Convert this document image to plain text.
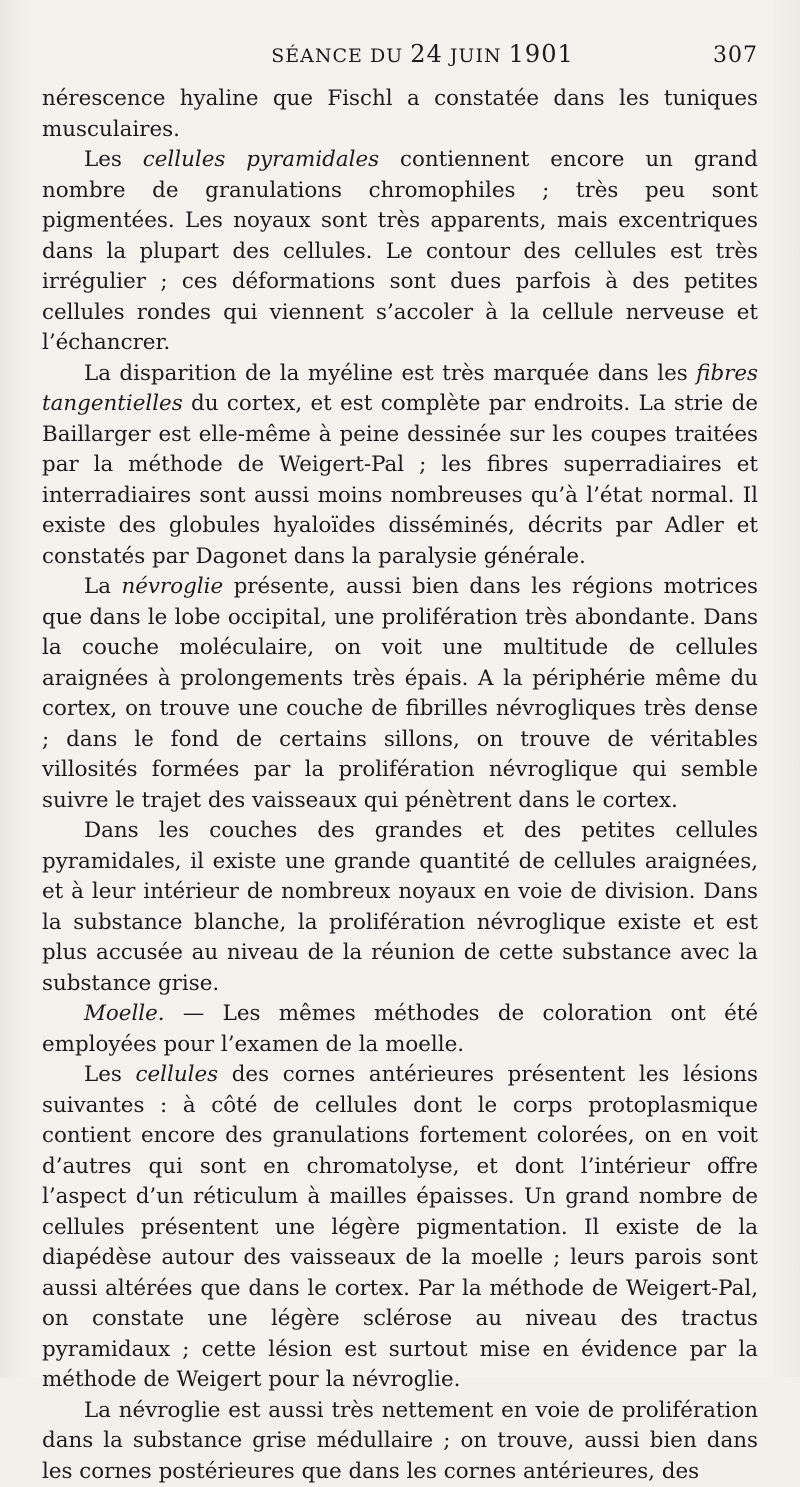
SÉANCE DU 24 JUIN 1901	307

nérescence hyaline que Fischl a constatée dans les tuniques musculaires.

Les cellules pyramidales contiennent encore un grand nombre de granulations chromophiles ; très peu sont pigmentées. Les noyaux sont très apparents, mais excentriques dans la plupart des cellules. Le contour des cellules est très irrégulier ; ces déformations sont dues parfois à des petites cellules rondes qui viennent s’accoler à la cellule nerveuse et l’échancrer.

La disparition de la myéline est très marquée dans les fibres tangentielles du cortex, et est complète par endroits. La strie de Baillarger est elle-même à peine dessinée sur les coupes traitées par la méthode de Weigert-Pal ; les fibres superradiaires et interradiaires sont aussi moins nombreuses qu’à l’état normal. Il existe des globules hyaloïdes disséminés, décrits par Adler et constatés par Dagonet dans la paralysie générale.

La névroglie présente, aussi bien dans les régions motrices que dans le lobe occipital, une prolifération très abondante. Dans la couche moléculaire, on voit une multitude de cellules araignées à prolongements très épais. A la périphérie même du cortex, on trouve une couche de fibrilles névrogliques très dense ; dans le fond de certains sillons, on trouve de véritables villosités formées par la prolifération névroglique qui semble suivre le trajet des vaisseaux qui pénètrent dans le cortex.

Dans les couches des grandes et des petites cellules pyramidales, il existe une grande quantité de cellules araignées, et à leur intérieur de nombreux noyaux en voie de division. Dans la substance blanche, la prolifération névroglique existe et est plus accusée au niveau de la réunion de cette substance avec la substance grise.

Moelle. — Les mêmes méthodes de coloration ont été employées pour l’examen de la moelle.

Les cellules des cornes antérieures présentent les lésions suivantes : à côté de cellules dont le corps protoplasmique contient encore des granulations fortement colorées, on en voit d’autres qui sont en chromatolyse, et dont l’intérieur offre l’aspect d’un réticulum à mailles épaisses. Un grand nombre de cellules présentent une légère pigmentation. Il existe de la diapédèse autour des vaisseaux de la moelle ; leurs parois sont aussi altérées que dans le cortex. Par la méthode de Weigert-Pal, on constate une légère sclérose au niveau des tractus pyramidaux ; cette lésion est surtout mise en évidence par la méthode de Weigert pour la névroglie.

La névroglie est aussi très nettement en voie de prolifération dans la substance grise médullaire ; on trouve, aussi bien dans les cornes postérieures que dans les cornes antérieures, des
